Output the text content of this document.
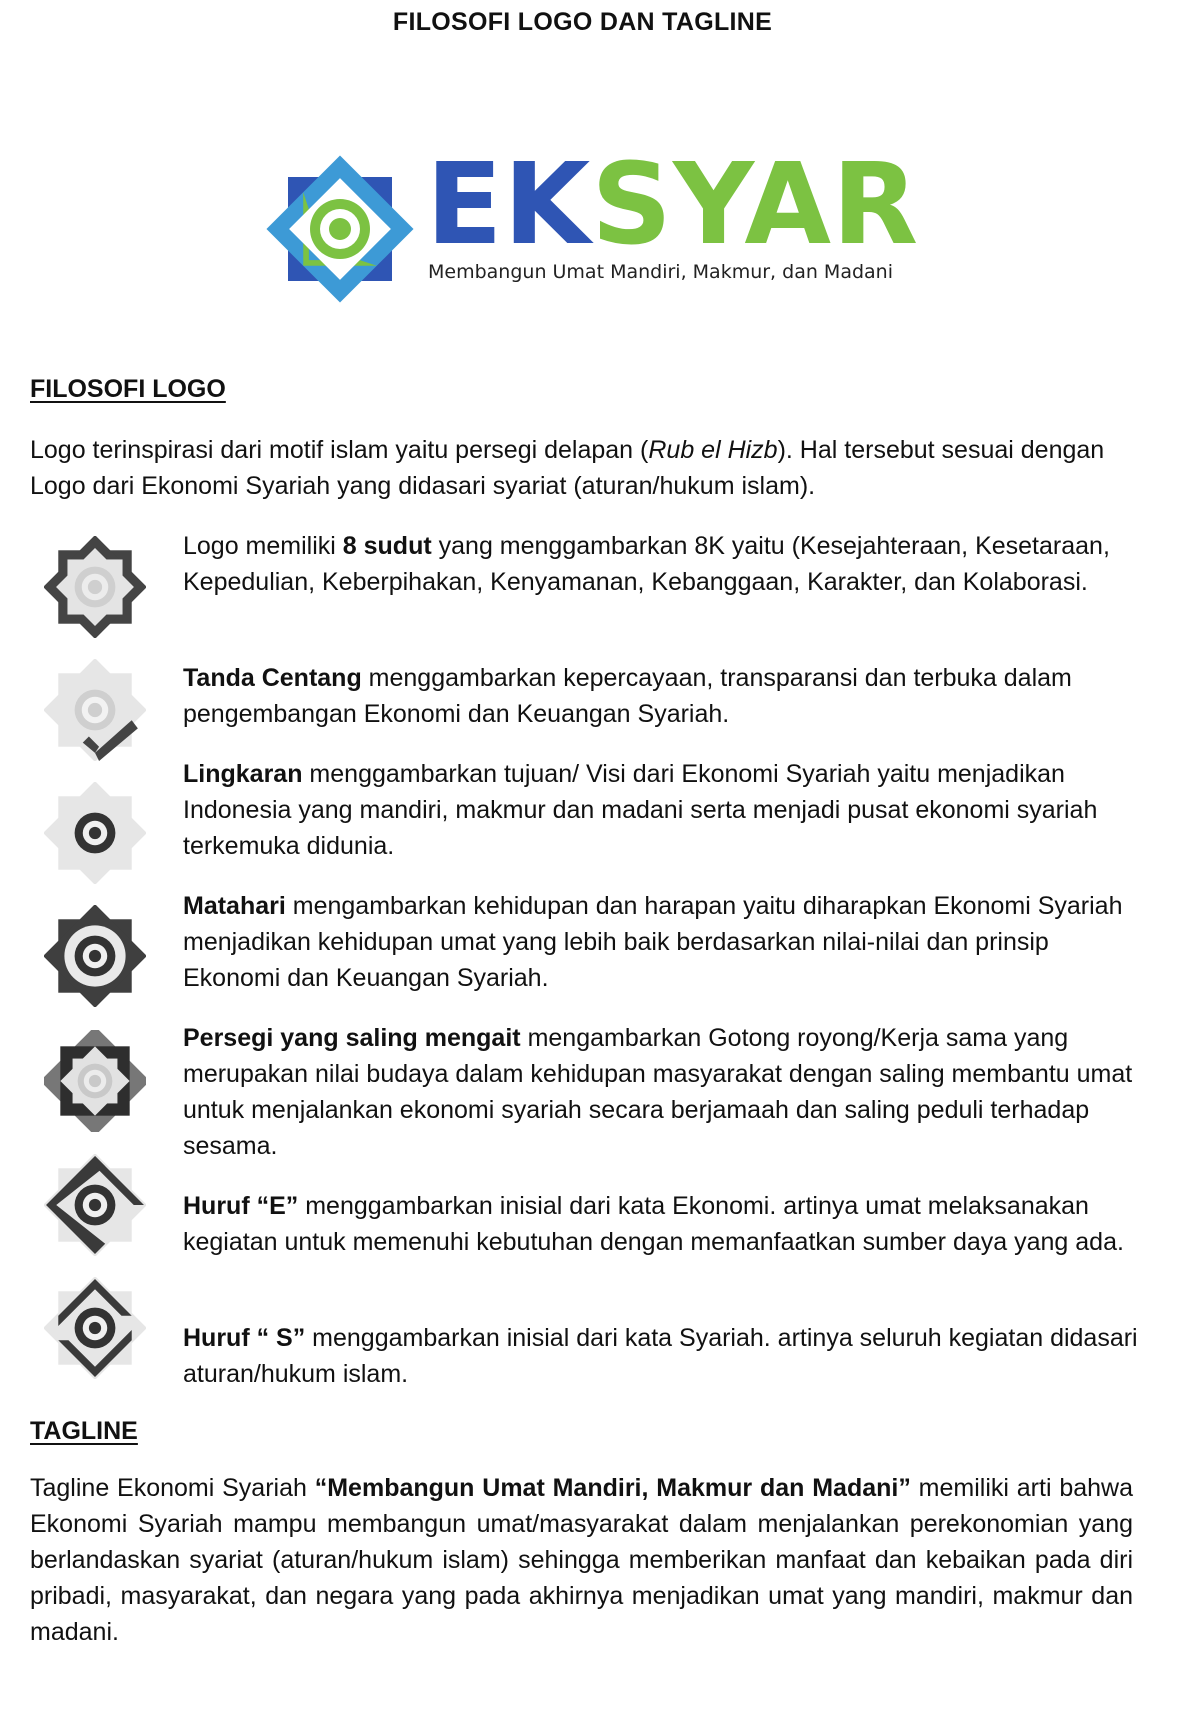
FILOSOFI LOGO DAN TAGLINE
EKSYAR
Membangun Umat Mandiri, Makmur, dan Madani
FILOSOFI LOGO
Logo terinspirasi dari motif islam yaitu persegi delapan (Rub el Hizb). Hal tersebut sesuai dengan Logo dari Ekonomi Syariah yang didasari syariat (aturan/hukum islam).
Logo memiliki 8 sudut yang menggambarkan 8K yaitu (Kesejahteraan, Kesetaraan, Kepedulian, Keberpihakan, Kenyamanan, Kebanggaan, Karakter, dan Kolaborasi.
Tanda Centang menggambarkan kepercayaan, transparansi dan terbuka dalam pengembangan Ekonomi dan Keuangan Syariah.
Lingkaran menggambarkan tujuan/ Visi dari Ekonomi Syariah yaitu menjadikan Indonesia yang mandiri, makmur dan madani serta menjadi pusat ekonomi syariah terkemuka didunia.
Matahari mengambarkan kehidupan dan harapan yaitu diharapkan Ekonomi Syariah menjadikan kehidupan umat yang lebih baik berdasarkan nilai-nilai dan prinsip Ekonomi dan Keuangan Syariah.
Persegi yang saling mengait mengambarkan Gotong royong/Kerja sama yang merupakan nilai budaya dalam kehidupan masyarakat dengan saling membantu umat untuk menjalankan ekonomi syariah secara berjamaah dan saling peduli terhadap sesama.
Huruf “E” menggambarkan inisial dari kata Ekonomi. artinya umat melaksanakan kegiatan untuk memenuhi kebutuhan dengan memanfaatkan sumber daya yang ada.
Huruf “ S” menggambarkan inisial dari kata Syariah. artinya seluruh kegiatan didasari aturan/hukum islam.
TAGLINE
Tagline Ekonomi Syariah “Membangun Umat Mandiri, Makmur dan Madani” memiliki arti bahwa Ekonomi Syariah mampu membangun umat/masyarakat dalam menjalankan perekonomian yang berlandaskan syariat (aturan/hukum islam) sehingga memberikan manfaat dan kebaikan pada diri pribadi, masyarakat, dan negara yang pada akhirnya menjadikan umat yang mandiri, makmur dan madani.
